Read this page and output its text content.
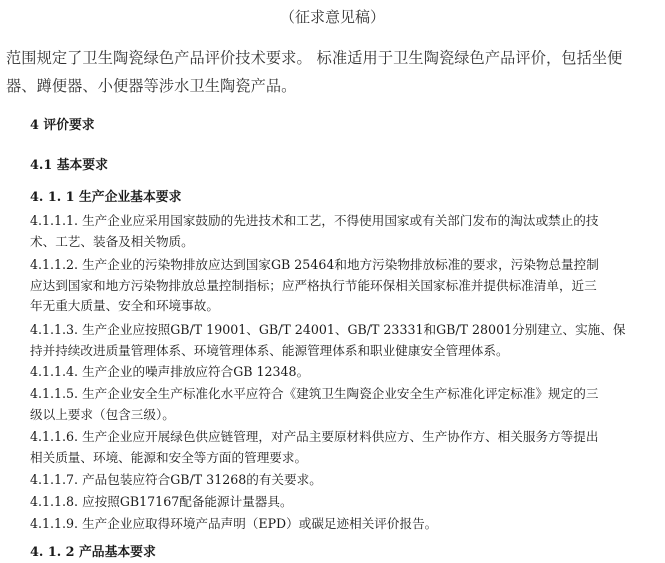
（征求意见稿）
范围规定了卫生陶瓷绿色产品评价技术要求。 标准适用于卫生陶瓷绿色产品评价，包括坐便
器、蹲便器、小便器等涉水卫生陶瓷产品。
4 评价要求
4.1 基本要求
4. 1. 1 生产企业基本要求
4.1.1.1. 生产企业应采用国家鼓励的先进技术和工艺，不得使用国家或有关部门发布的淘汰或禁止的技
术、工艺、装备及相关物质。
4.1.1.2. 生产企业的污染物排放应达到国家GB 25464和地方污染物排放标准的要求，污染物总量控制
应达到国家和地方污染物排放总量控制指标；应严格执行节能环保相关国家标准并提供标准清单，近三
年无重大质量、安全和环境事故。
4.1.1.3. 生产企业应按照GB/T 19001、GB/T 24001、GB/T 23331和GB/T 28001分别建立、实施、保
持并持续改进质量管理体系、环境管理体系、能源管理体系和职业健康安全管理体系。
4.1.1.4. 生产企业的噪声排放应符合GB 12348。
4.1.1.5. 生产企业安全生产标准化水平应符合《建筑卫生陶瓷企业安全生产标准化评定标准》规定的三
级以上要求（包含三级）。
4.1.1.6. 生产企业应开展绿色供应链管理，对产品主要原材料供应方、生产协作方、相关服务方等提出
相关质量、环境、能源和安全等方面的管理要求。
4.1.1.7. 产品包装应符合GB/T 31268的有关要求。
4.1.1.8. 应按照GB17167配备能源计量器具。
4.1.1.9. 生产企业应取得环境产品声明（EPD）或碳足迹相关评价报告。
4. 1. 2 产品基本要求
